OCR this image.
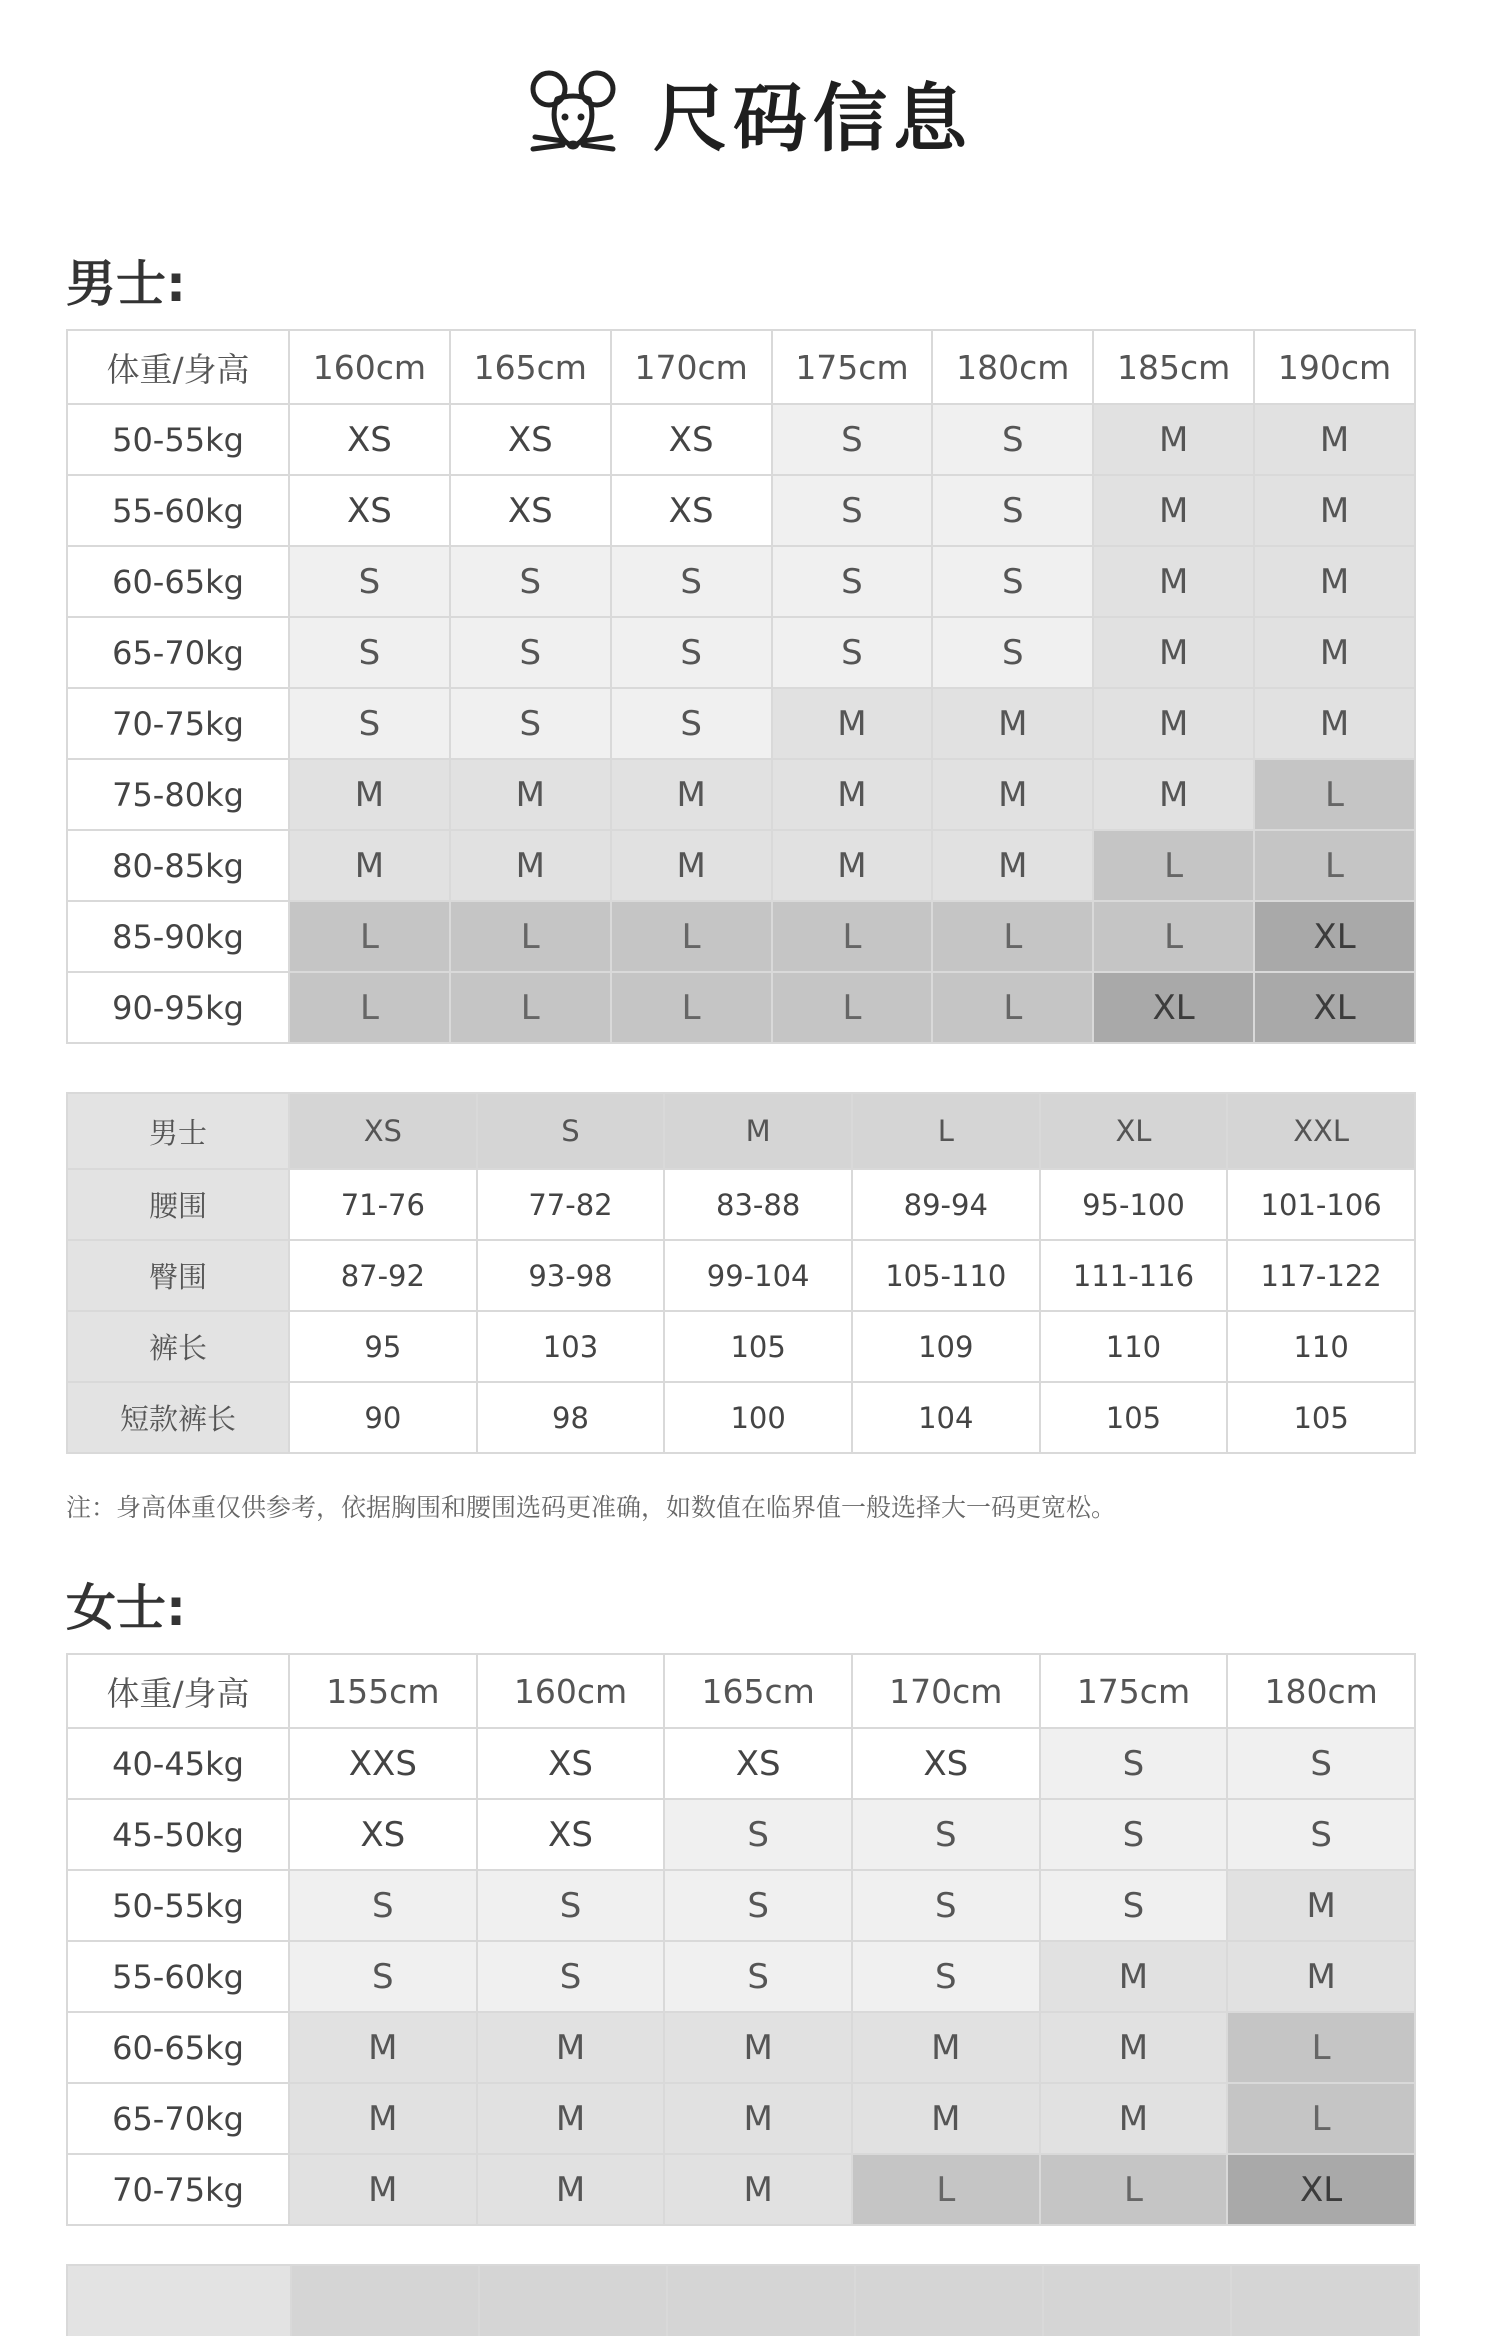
尺码信息
男士:
体重/身高	160cm	165cm	170cm	175cm	180cm	185cm	190cm
50-55kg	XS	XS	XS	S	S	M	M
55-60kg	XS	XS	XS	S	S	M	M
60-65kg	S	S	S	S	S	M	M
65-70kg	S	S	S	S	S	M	M
70-75kg	S	S	S	M	M	M	M
75-80kg	M	M	M	M	M	M	L
80-85kg	M	M	M	M	M	L	L
85-90kg	L	L	L	L	L	L	XL
90-95kg	L	L	L	L	L	XL	XL
男士	XS	S	M	L	XL	XXL
腰围	71-76	77-82	83-88	89-94	95-100	101-106
臀围	87-92	93-98	99-104	105-110	111-116	117-122
裤长	95	103	105	109	110	110
短款裤长	90	98	100	104	105	105
注：身高体重仅供参考，依据胸围和腰围选码更准确，如数值在临界值一般选择大一码更宽松。
女士:
体重/身高	155cm	160cm	165cm	170cm	175cm	180cm
40-45kg	XXS	XS	XS	XS	S	S
45-50kg	XS	XS	S	S	S	S
50-55kg	S	S	S	S	S	M
55-60kg	S	S	S	S	M	M
60-65kg	M	M	M	M	M	L
65-70kg	M	M	M	M	M	L
70-75kg	M	M	M	L	L	XL
